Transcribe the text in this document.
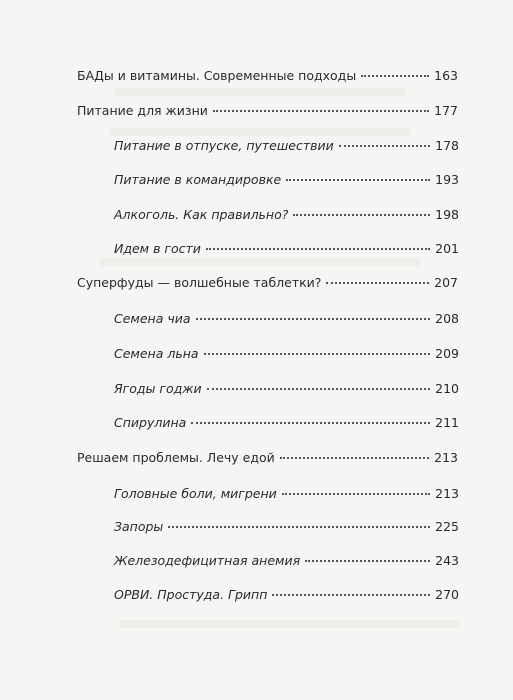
БАДы и витамины. Современные подходы	163
Питание для жизни	177
Питание в отпуске, путешествии	178
Питание в командировке	193
Алкоголь. Как правильно?	198
Идем в гости	201
Суперфуды — волшебные таблетки?	207
Семена чиа	208
Семена льна	209
Ягоды годжи	210
Спирулина	211
Решаем проблемы. Лечу едой	213
Головные боли, мигрени	213
Запоры	225
Железодефицитная анемия	243
ОРВИ. Простуда. Грипп	270
